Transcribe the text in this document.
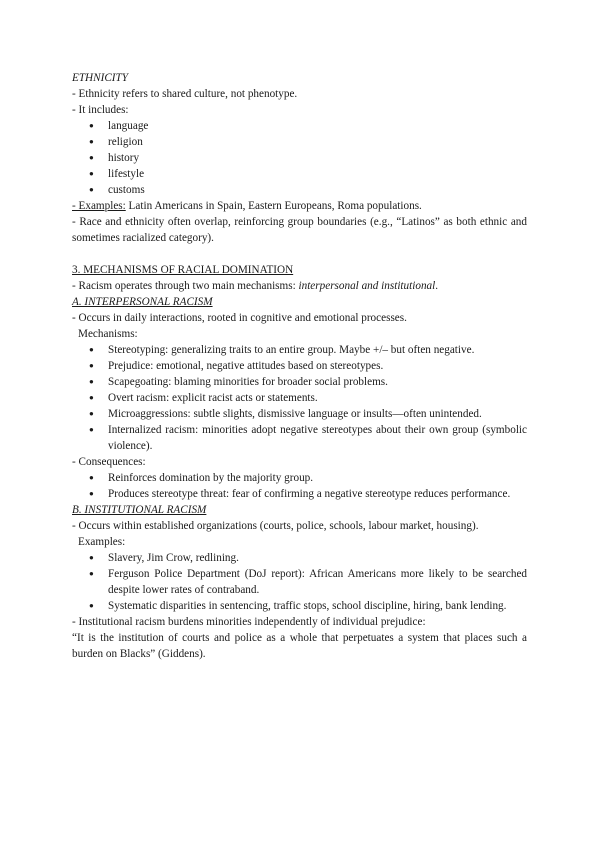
ETHNICITY
- Ethnicity refers to shared culture, not phenotype.
- It includes:
● language
● religion
● history
● lifestyle
● customs
- Examples: Latin Americans in Spain, Eastern Europeans, Roma populations.
- Race and ethnicity often overlap, reinforcing group boundaries (e.g., “Latinos” as both ethnic and sometimes racialized category).
3. MECHANISMS OF RACIAL DOMINATION
- Racism operates through two main mechanisms: interpersonal and institutional.
A. INTERPERSONAL RACISM
- Occurs in daily interactions, rooted in cognitive and emotional processes.
Mechanisms:
● Stereotyping: generalizing traits to an entire group. Maybe +/– but often negative.
● Prejudice: emotional, negative attitudes based on stereotypes.
● Scapegoating: blaming minorities for broader social problems.
● Overt racism: explicit racist acts or statements.
● Microaggressions: subtle slights, dismissive language or insults—often unintended.
● Internalized racism: minorities adopt negative stereotypes about their own group (symbolic violence).
- Consequences:
● Reinforces domination by the majority group.
● Produces stereotype threat: fear of confirming a negative stereotype reduces performance.
B. INSTITUTIONAL RACISM
- Occurs within established organizations (courts, police, schools, labour market, housing).
Examples:
● Slavery, Jim Crow, redlining.
● Ferguson Police Department (DoJ report): African Americans more likely to be searched despite lower rates of contraband.
● Systematic disparities in sentencing, traffic stops, school discipline, hiring, bank lending.
- Institutional racism burdens minorities independently of individual prejudice:
“It is the institution of courts and police as a whole that perpetuates a system that places such a burden on Blacks” (Giddens).
